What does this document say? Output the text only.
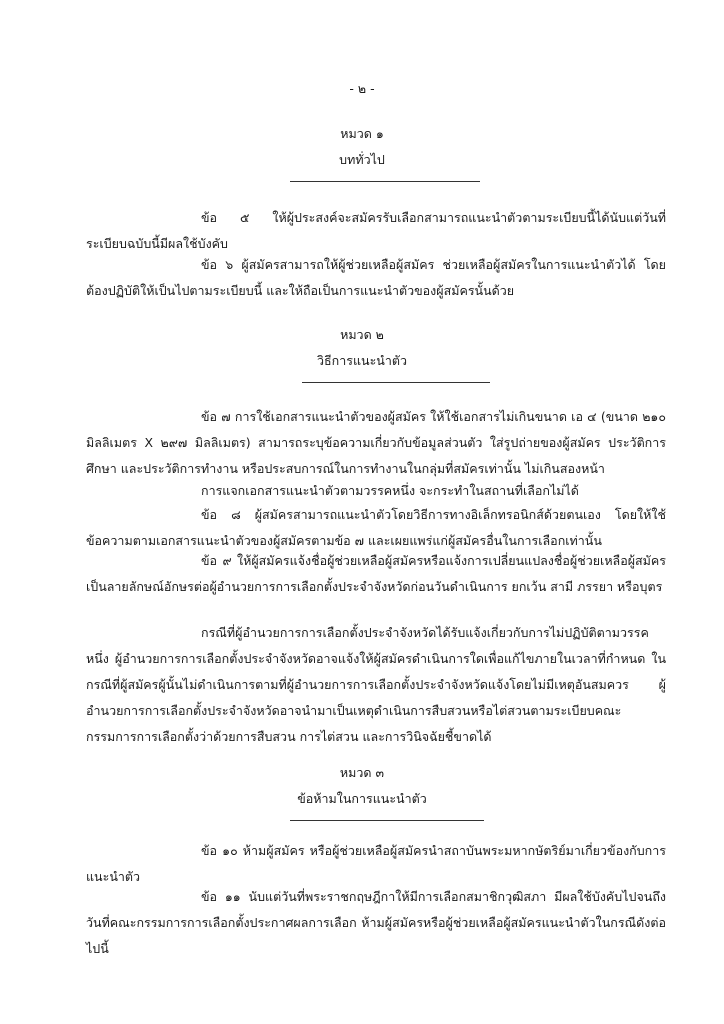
- ๒ -
หมวด ๑
บททั่วไป
ข้อ ๕ ให้ผู้ประสงค์จะสมัครรับเลือกสามารถแนะนำตัวตามระเบียบนี้ได้นับแต่วันที่ระเบียบฉบับนี้มีผลใช้บังคับ
ข้อ ๖ ผู้สมัครสามารถให้ผู้ช่วยเหลือผู้สมัคร ช่วยเหลือผู้สมัครในการแนะนำตัวได้ โดยต้องปฏิบัติให้เป็นไปตามระเบียบนี้ และให้ถือเป็นการแนะนำตัวของผู้สมัครนั้นด้วย
หมวด ๒
วิธีการแนะนำตัว
ข้อ ๗ การใช้เอกสารแนะนำตัวของผู้สมัคร ให้ใช้เอกสารไม่เกินขนาด เอ ๔ (ขนาด ๒๑๐ มิลลิเมตร X ๒๙๗ มิลลิเมตร) สามารถระบุข้อความเกี่ยวกับข้อมูลส่วนตัว ใส่รูปถ่ายของผู้สมัคร ประวัติการศึกษา และประวัติการทำงาน หรือประสบการณ์ในการทำงานในกลุ่มที่สมัครเท่านั้น ไม่เกินสองหน้า
การแจกเอกสารแนะนำตัวตามวรรคหนึ่ง จะกระทำในสถานที่เลือกไม่ได้
ข้อ ๘ ผู้สมัครสามารถแนะนำตัวโดยวิธีการทางอิเล็กทรอนิกส์ด้วยตนเอง โดยให้ใช้ข้อความตามเอกสารแนะนำตัวของผู้สมัครตามข้อ ๗ และเผยแพร่แก่ผู้สมัครอื่นในการเลือกเท่านั้น
ข้อ ๙ ให้ผู้สมัครแจ้งชื่อผู้ช่วยเหลือผู้สมัครหรือแจ้งการเปลี่ยนแปลงชื่อผู้ช่วยเหลือผู้สมัคร เป็นลายลักษณ์อักษรต่อผู้อำนวยการการเลือกตั้งประจำจังหวัดก่อนวันดำเนินการ ยกเว้น สามี ภรรยา หรือบุตร
กรณีที่ผู้อำนวยการการเลือกตั้งประจำจังหวัดได้รับแจ้งเกี่ยวกับการไม่ปฏิบัติตามวรรคหนึ่ง ผู้อำนวยการการเลือกตั้งประจำจังหวัดอาจแจ้งให้ผู้สมัครดำเนินการใดเพื่อแก้ไขภายในเวลาที่กำหนด ในกรณีที่ผู้สมัครผู้นั้นไม่ดำเนินการตามที่ผู้อำนวยการการเลือกตั้งประจำจังหวัดแจ้งโดยไม่มีเหตุอันสมควร ผู้อำนวยการการเลือกตั้งประจำจังหวัดอาจนำมาเป็นเหตุดำเนินการสืบสวนหรือไต่สวนตามระเบียบคณะกรรมการการเลือกตั้งว่าด้วยการสืบสวน การไต่สวน และการวินิจฉัยชี้ขาดได้
หมวด ๓
ข้อห้ามในการแนะนำตัว
ข้อ ๑๐ ห้ามผู้สมัคร หรือผู้ช่วยเหลือผู้สมัครนำสถาบันพระมหากษัตริย์มาเกี่ยวข้องกับการแนะนำตัว
ข้อ ๑๑ นับแต่วันที่พระราชกฤษฎีกาให้มีการเลือกสมาชิกวุฒิสภา มีผลใช้บังคับไปจนถึงวันที่คณะกรรมการการเลือกตั้งประกาศผลการเลือก ห้ามผู้สมัครหรือผู้ช่วยเหลือผู้สมัครแนะนำตัวในกรณีดังต่อไปนี้
